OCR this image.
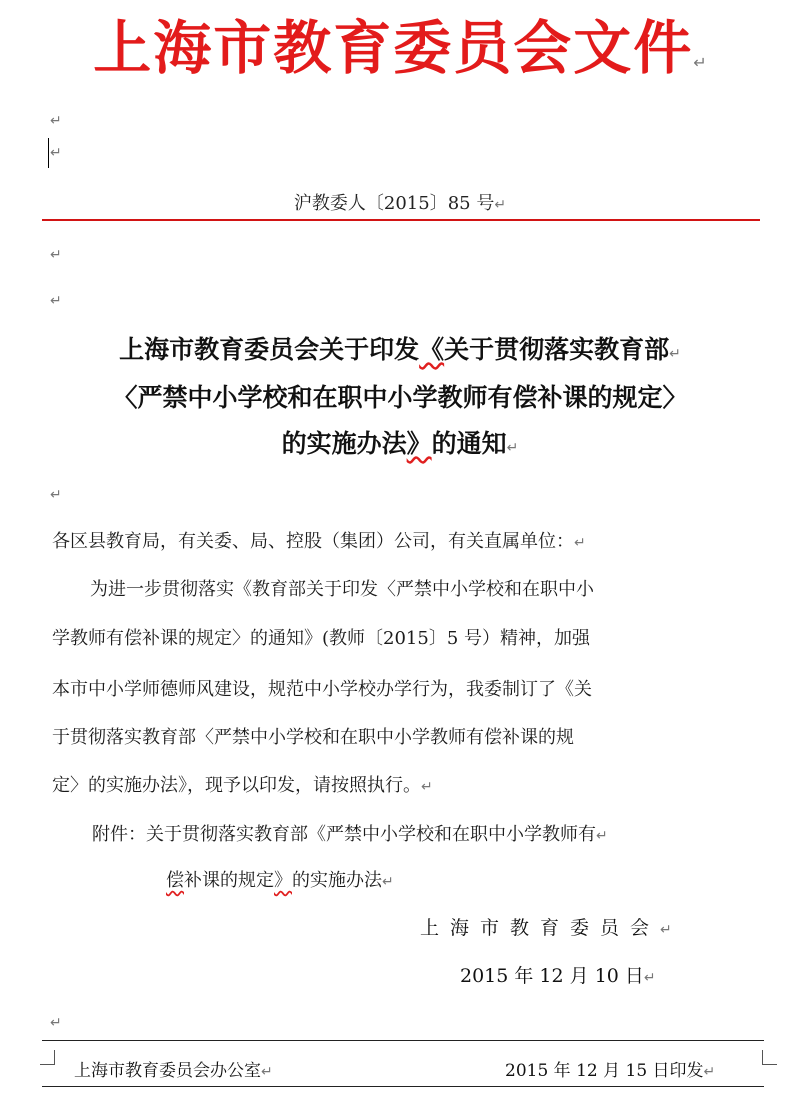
上海市教育委员会文件↵
↵
↵
沪教委人〔2015〕85 号↵
↵
↵
上海市教育委员会关于印发《关于贯彻落实教育部↵
〈严禁中小学校和在职中小学教师有偿补课的规定〉
的实施办法》的通知↵
↵
各区县教育局，有关委、局、控股（集团）公司，有关直属单位：↵
为进一步贯彻落实《教育部关于印发〈严禁中小学校和在职中小
学教师有偿补课的规定〉的通知》(教师〔2015〕5 号）精神，加强
本市中小学师德师风建设，规范中小学校办学行为，我委制订了《关
于贯彻落实教育部〈严禁中小学校和在职中小学教师有偿补课的规
定〉的实施办法》，现予以印发，请按照执行。↵
附件：关于贯彻落实教育部《严禁中小学校和在职中小学教师有↵
偿补课的规定》的实施办法↵
上海市教育委员会↵
2015 年 12 月 10 日↵
↵
上海市教育委员会办公室↵	2015 年 12 月 15 日印发↵
